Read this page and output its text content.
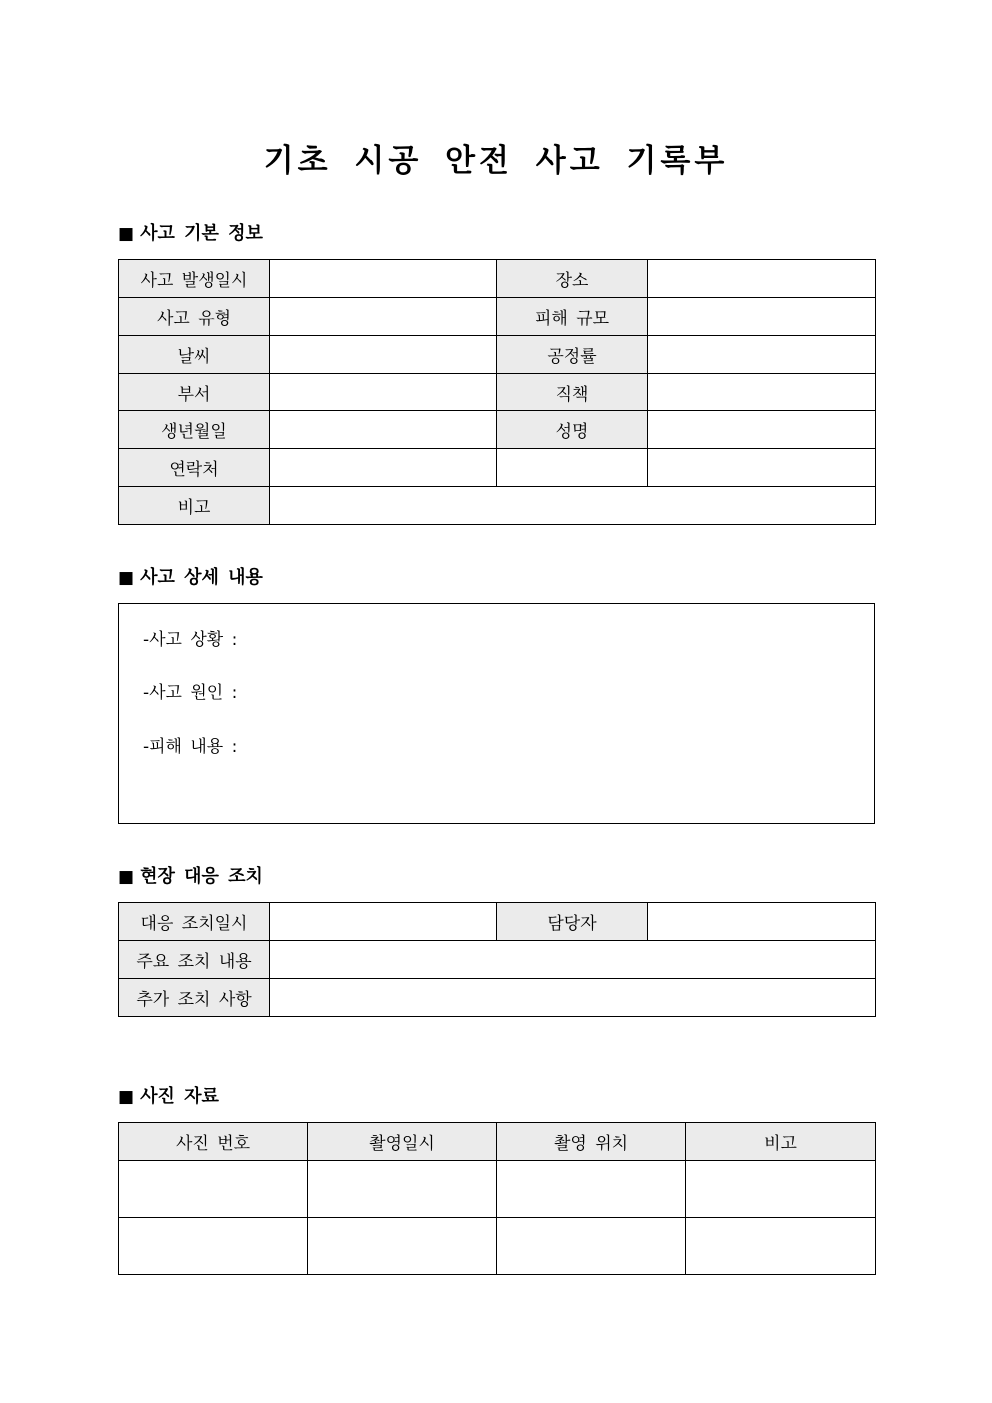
기초 시공 안전 사고 기록부
■ 사고 기본 정보
사고 발생일시		장소	
사고 유형		피해 규모	
날씨		공정률	
부서		직책	
생년월일		성명	
연락처			
비고			
■ 사고 상세 내용
-사고 상황 :
-사고 원인 :
-피해 내용 :
■ 현장 대응 조치
대응 조치일시		담당자	
주요 조치 내용			
추가 조치 사항			
■ 사진 자료
사진 번호	촬영일시	촬영 위치	비고
